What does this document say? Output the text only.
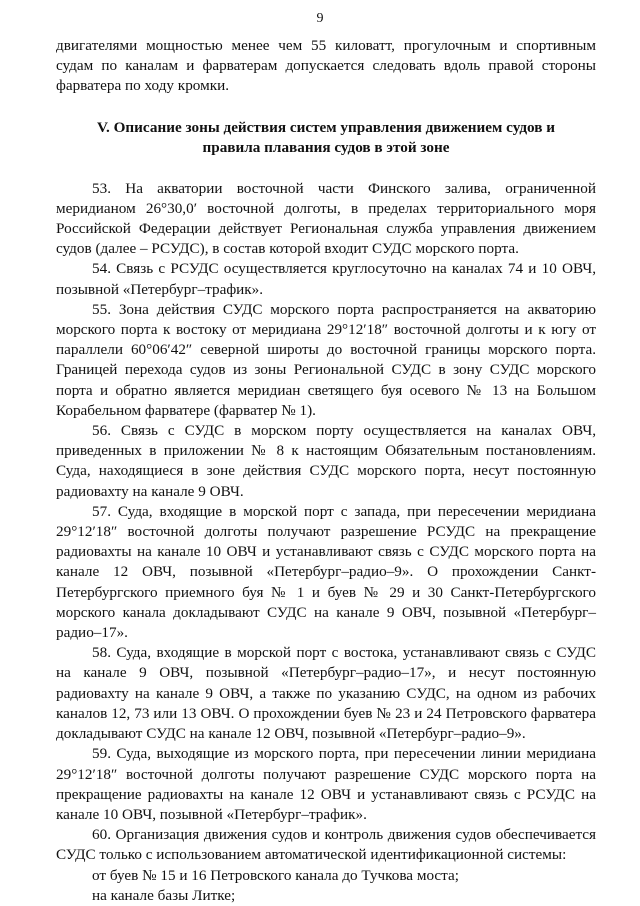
9

двигателями мощностью менее чем 55 киловатт, прогулочным и спортивным судам по каналам и фарватерам допускается следовать вдоль правой стороны фарватера по ходу кромки.

V. Описание зоны действия систем управления движением судов и правила плавания судов в этой зоне

53. На акватории восточной части Финского залива, ограниченной меридианом 26°30,0′ восточной долготы, в пределах территориального моря Российской Федерации действует Региональная служба управления движением судов (далее – РСУДС), в состав которой входит СУДС морского порта.

54. Связь с РСУДС осуществляется круглосуточно на каналах 74 и 10 ОВЧ, позывной «Петербург–трафик».

55. Зона действия СУДС морского порта распространяется на акваторию морского порта к востоку от меридиана 29°12′18″ восточной долготы и к югу от параллели 60°06′42″ северной широты до восточной границы морского порта. Границей перехода судов из зоны Региональной СУДС в зону СУДС морского порта и обратно является меридиан светящего буя осевого № 13 на Большом Корабельном фарватере (фарватер № 1).

56. Связь с СУДС в морском порту осуществляется на каналах ОВЧ, приведенных в приложении № 8 к настоящим Обязательным постановлениям. Суда, находящиеся в зоне действия СУДС морского порта, несут постоянную радиовахту на канале 9 ОВЧ.

57. Суда, входящие в морской порт с запада, при пересечении меридиана 29°12′18″ восточной долготы получают разрешение РСУДС на прекращение радиовахты на канале 10 ОВЧ и устанавливают связь с СУДС морского порта на канале 12 ОВЧ, позывной «Петербург–радио–9». О прохождении Санкт-Петербургского приемного буя № 1 и буев № 29 и 30 Санкт-Петербургского морского канала докладывают СУДС на канале 9 ОВЧ, позывной «Петербург–радио–17».

58. Суда, входящие в морской порт с востока, устанавливают связь с СУДС на канале 9 ОВЧ, позывной «Петербург–радио–17», и несут постоянную радиовахту на канале 9 ОВЧ, а также по указанию СУДС, на одном из рабочих каналов 12, 73 или 13 ОВЧ. О прохождении буев № 23 и 24 Петровского фарватера докладывают СУДС на канале 12 ОВЧ, позывной «Петербург–радио–9».

59. Суда, выходящие из морского порта, при пересечении линии меридиана 29°12′18″ восточной долготы получают разрешение СУДС морского порта на прекращение радиовахты на канале 12 ОВЧ и устанавливают связь с РСУДС на канале 10 ОВЧ, позывной «Петербург–трафик».

60. Организация движения судов и контроль движения судов обеспечивается СУДС только с использованием автоматической идентификационной системы:

от буев № 15 и 16 Петровского канала до Тучкова моста;

на канале базы Литке;
